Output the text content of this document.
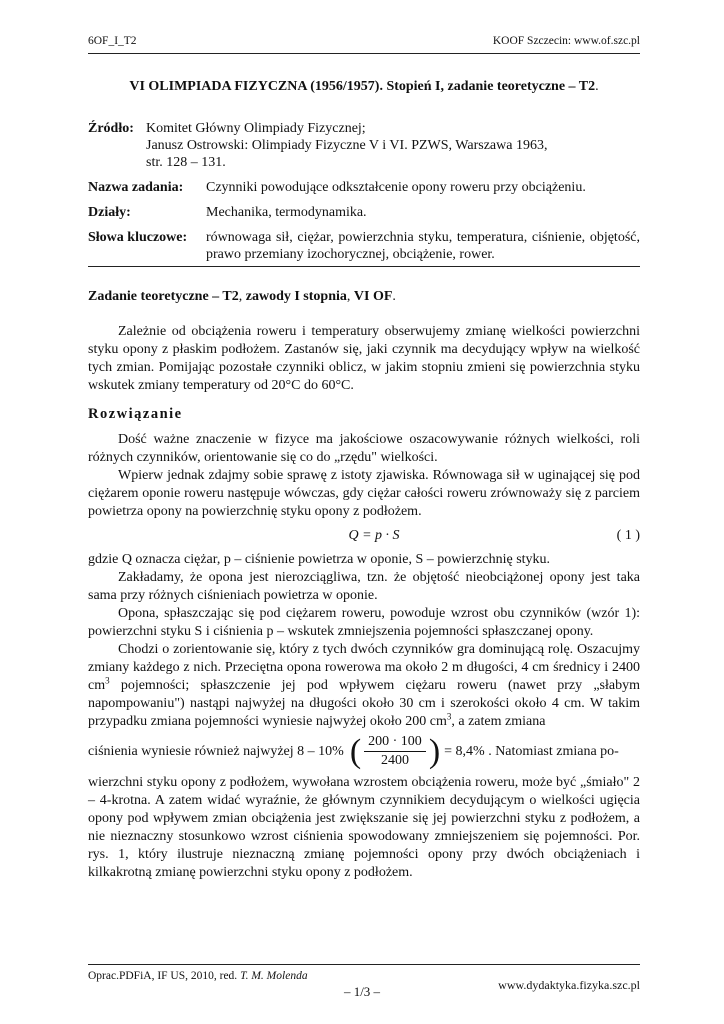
6OF_I_T2	KOOF Szczecin: www.of.szc.pl
VI OLIMPIADA FIZYCZNA (1956/1957). Stopień I, zadanie teoretyczne – T2.
Źródło: Komitet Główny Olimpiady Fizycznej;
Janusz Ostrowski: Olimpiady Fizyczne V i VI. PZWS, Warszawa 1963,
str. 128 – 131.
Nazwa zadania:	Czynniki powodujące odkształcenie opony roweru przy obciążeniu.
Działy:	Mechanika, termodynamika.
Słowa kluczowe:	równowaga sił, ciężar, powierzchnia styku, temperatura, ciśnienie, objętość, prawo przemiany izochorycznej, obciążenie, rower.
Zadanie teoretyczne – T2, zawody I stopnia, VI OF.

Zależnie od obciążenia roweru i temperatury obserwujemy zmianę wielkości powierzchni styku opony z płaskim podłożem. Zastanów się, jaki czynnik ma decydujący wpływ na wielkość tych zmian. Pomijając pozostałe czynniki oblicz, w jakim stopniu zmieni się powierzchnia styku wskutek zmiany temperatury od 20°C do 60°C.

Rozwiązanie

Dość ważne znaczenie w fizyce ma jakościowe oszacowywanie różnych wielkości, roli różnych czynników, orientowanie się co do „rzędu" wielkości.

Wpierw jednak zdajmy sobie sprawę z istoty zjawiska. Równowaga sił w uginającej się pod ciężarem oponie roweru następuje wówczas, gdy ciężar całości roweru zrównoważy się z parciem powietrza opony na powierzchnię styku opony z podłożem.

Q = p · S	( 1 )

gdzie Q oznacza ciężar, p – ciśnienie powietrza w oponie, S – powierzchnię styku.

Zakładamy, że opona jest nierozciągliwa, tzn. że objętość nieobciążonej opony jest taka sama przy różnych ciśnieniach powietrza w oponie.

Opona, spłaszczając się pod ciężarem roweru, powoduje wzrost obu czynników (wzór 1): powierzchni styku S i ciśnienia p – wskutek zmniejszenia pojemności spłaszczanej opony.

Chodzi o zorientowanie się, który z tych dwóch czynników gra dominującą rolę. Oszacujmy zmiany każdego z nich. Przeciętna opona rowerowa ma około 2 m długości, 4 cm średnicy i 2400 $cm^3$ pojemności; spłaszczenie jej pod wpływem ciężaru roweru (nawet przy „słabym napompowaniu") nastąpi najwyżej na długości około 30 cm i szerokości około 4 cm. W takim przypadku zmiana pojemności wyniesie najwyżej około 200 $cm^3$, a zatem zmiana

ciśnienia wyniesie również najwyżej 8 – 10% ( $\frac{200 \cdot 100}{2400}$ ) = 8,4% . Natomiast zmiana po-

wierzchni styku opony z podłożem, wywołana wzrostem obciążenia roweru, może być „śmiało" 2 – 4-krotna. A zatem widać wyraźnie, że głównym czynnikiem decydującym o wielkości ugięcia opony pod wpływem zmian obciążenia jest zwiększanie się jej powierzchni styku z podłożem, a nie nieznaczny stosunkowo wzrost ciśnienia spowodowany zmniejszeniem się pojemności. Por. rys. 1, który ilustruje nieznaczną zmianę pojemności opony przy dwóch obciążeniach i kilkakrotną zmianę powierzchni styku opony z podłożem.

Oprac.PDFiA, IF US, 2010, red. T. M. Molenda
– 1/3 –	www.dydaktyka.fizyka.szc.pl
